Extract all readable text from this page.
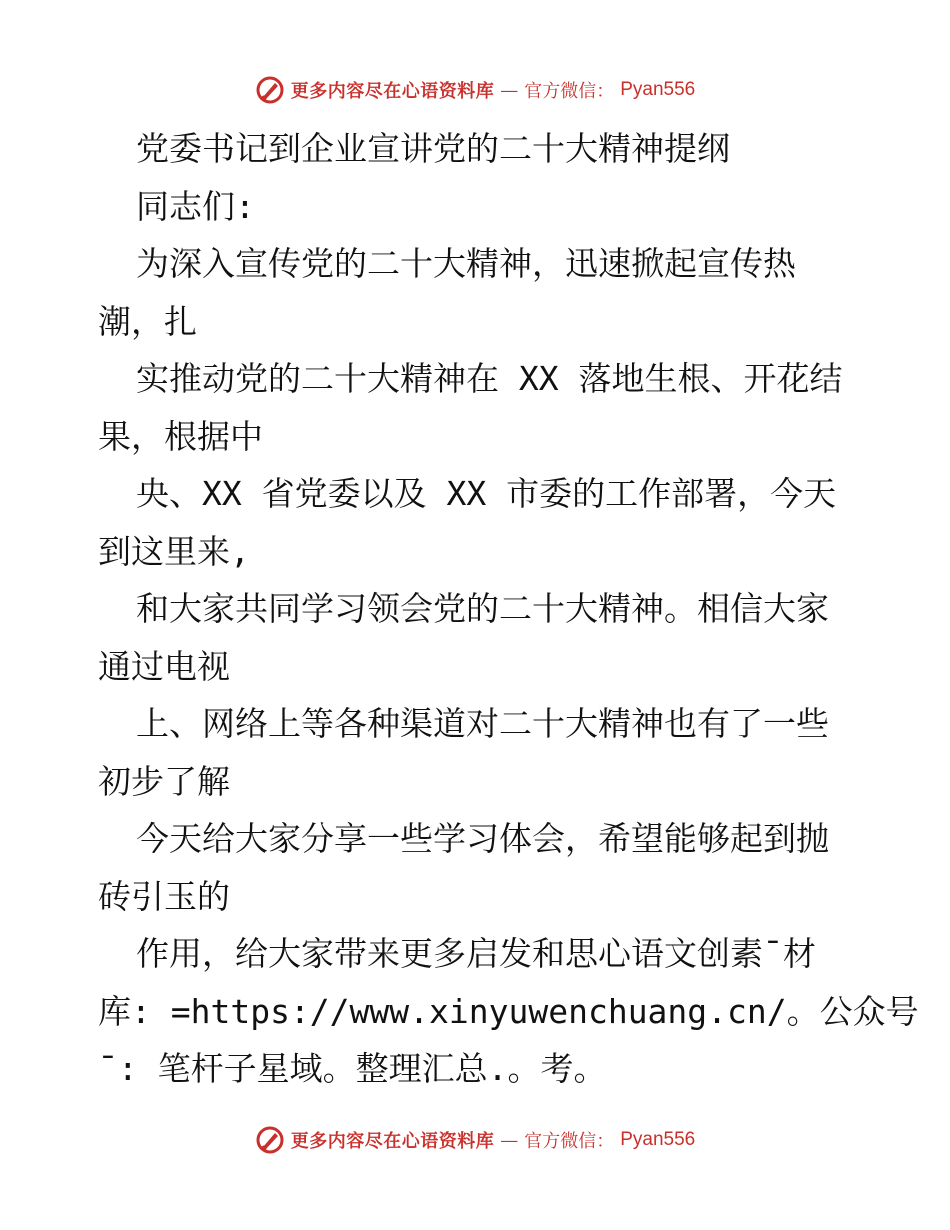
更多内容尽在心语资料库 — 官方微信： Pyan556
党委书记到企业宣讲党的二十大精神提纲
同志们:
为深入宣传党的二十大精神，迅速掀起宣传热
潮，扎
实推动党的二十大精神在 XX 落地生根、开花结
果，根据中
央、XX 省党委以及 XX 市委的工作部署，今天
到这里来,
和大家共同学习领会党的二十大精神。相信大家
通过电视
上、网络上等各种渠道对二十大精神也有了一些
初步了解
今天给大家分享一些学习体会，希望能够起到抛
砖引玉的
作用，给大家带来更多启发和思心语文创素¯材
库: =https://www.xinyuwenchuang.cn/。公众号
¯: 笔杆子星域。整理汇总.。考。
更多内容尽在心语资料库 — 官方微信： Pyan556
